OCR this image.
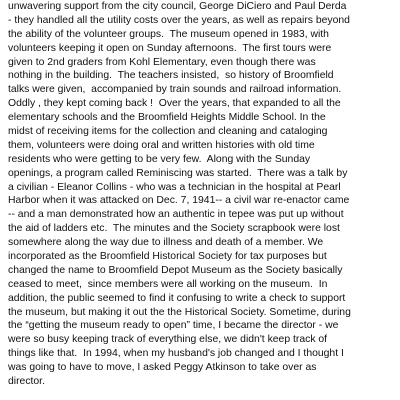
unwavering support from the city council, George DiCiero and Paul Derda
- they handled all the utility costs over the years, as well as repairs beyond
the ability of the volunteer groups.  The museum opened in 1983, with
volunteers keeping it open on Sunday afternoons.  The first tours were
given to 2nd graders from Kohl Elementary, even though there was
nothing in the building.  The teachers insisted,  so history of Broomfield
talks were given,  accompanied by train sounds and railroad information.
Oddly , they kept coming back !  Over the years, that expanded to all the
elementary schools and the Broomfield Heights Middle School. In the
midst of receiving items for the collection and cleaning and cataloging
them, volunteers were doing oral and written histories with old time
residents who were getting to be very few.  Along with the Sunday
openings, a program called Reminiscing was started.  There was a talk by
a civilian - Eleanor Collins - who was a technician in the hospital at Pearl
Harbor when it was attacked on Dec. 7, 1941-- a civil war re-enactor came
-- and a man demonstrated how an authentic in tepee was put up without
the aid of ladders etc.  The minutes and the Society scrapbook were lost
somewhere along the way due to illness and death of a member. We
incorporated as the Broomfield Historical Society for tax purposes but
changed the name to Broomfield Depot Museum as the Society basically
ceased to meet,  since members were all working on the museum.  In
addition, the public seemed to find it confusing to write a check to support
the museum, but making it out the the Historical Society. Sometime, during
the “getting the museum ready to open” time, I became the director - we
were so busy keeping track of everything else, we didn't keep track of
things like that.  In 1994, when my husband's job changed and I thought I
was going to have to move, I asked Peggy Atkinson to take over as
director.
